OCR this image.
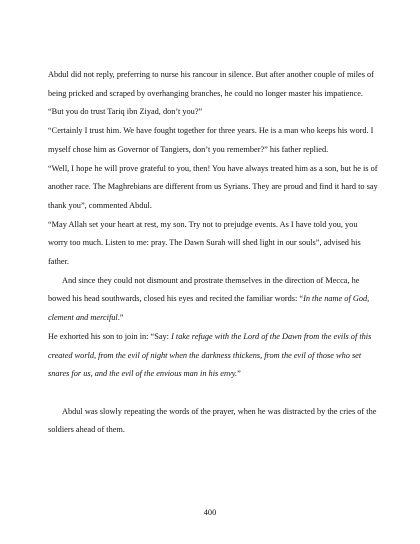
Abdul did not reply, preferring to nurse his rancour in silence. But after another couple of miles of being pricked and scraped by overhanging branches, he could no longer master his impatience.

“But you do trust Tariq ibn Ziyad, don’t you?”

“Certainly I trust him. We have fought together for three years. He is a man who keeps his word. I myself chose him as Governor of Tangiers, don’t you remember?” his father replied.

“Well, I hope he will prove grateful to you, then! You have always treated him as a son, but he is of another race. The Maghrebians are different from us Syrians. They are proud and find it hard to say thank you”, commented Abdul.

“May Allah set your heart at rest, my son. Try not to prejudge events. As I have told you, you worry too much. Listen to me: pray. The Dawn Surah will shed light in our souls”, advised his father.

And since they could not dismount and prostrate themselves in the direction of Mecca, he bowed his head southwards, closed his eyes and recited the familiar words: “In the name of God, clement and merciful.”

He exhorted his son to join in: “Say: I take refuge with the Lord of the Dawn from the evils of this created world, from the evil of night when the darkness thickens, from the evil of those who set snares for us, and the evil of the envious man in his envy.”

Abdul was slowly repeating the words of the prayer, when he was distracted by the cries of the soldiers ahead of them.

400
